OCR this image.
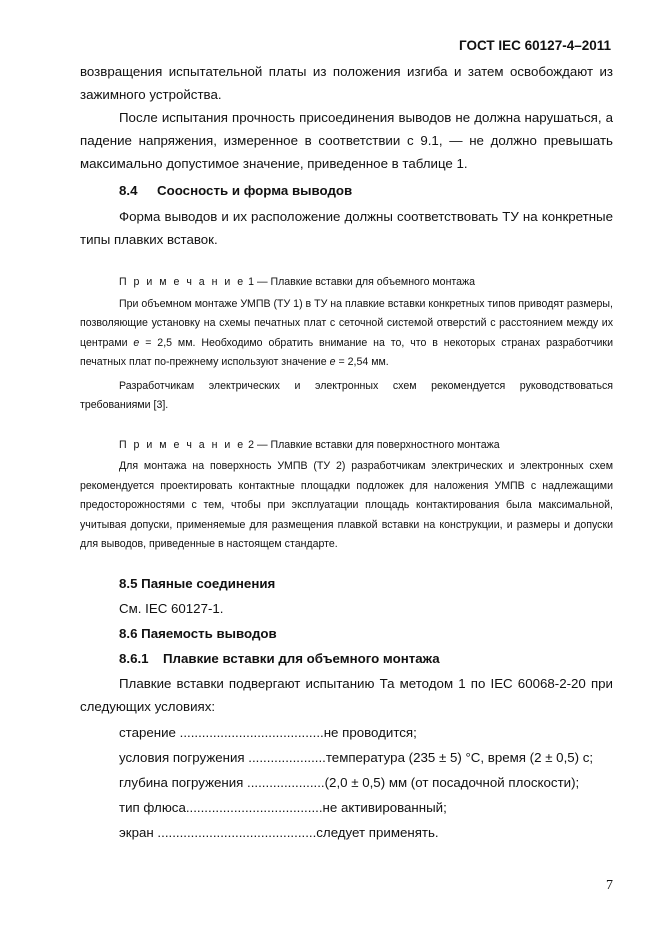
ГОСТ IEC 60127-4–2011

возвращения испытательной платы из положения изгиба и затем освобождают из зажимного устройства.

После испытания прочность присоединения выводов не должна нарушаться, а падение напряжения, измеренное в соответствии с 9.1, — не должно превышать максимально допустимое значение, приведенное в таблице 1.

8.4 Соосность и форма выводов

Форма выводов и их расположение должны соответствовать ТУ на конкретные типы плавких вставок.

П р и м е ч а н и е 1 — Плавкие вставки для объемного монтажа

При объемном монтаже УМПВ (ТУ 1) в ТУ на плавкие вставки конкретных типов приводят размеры, позволяющие установку на схемы печатных плат с сеточной системой отверстий с расстоянием между их центрами e = 2,5 мм. Необходимо обратить внимание на то, что в некоторых странах разработчики печатных плат по-прежнему используют значение e = 2,54 мм.

Разработчикам электрических и электронных схем рекомендуется руководствоваться требованиями [3].

П р и м е ч а н и е 2 — Плавкие вставки для поверхностного монтажа

Для монтажа на поверхность УМПВ (ТУ 2) разработчикам электрических и электронных схем рекомендуется проектировать контактные площадки подложек для наложения УМПВ с надлежащими предосторожностями с тем, чтобы при эксплуатации площадь контактирования была максимальной, учитывая допуски, применяемые для размещения плавкой вставки на конструкции, и размеры и допуски для выводов, приведенные в настоящем стандарте.

8.5 Паяные соединения

См. IEC 60127-1.

8.6 Паяемость выводов

8.6.1 Плавкие вставки для объемного монтажа

Плавкие вставки подвергают испытанию Та методом 1 по IEC 60068-2-20 при следующих условиях:

старение .......................................не проводится;

условия погружения .....................температура (235 ± 5) °C, время (2 ± 0,5) с;

глубина погружения .....................(2,0 ± 0,5) мм (от посадочной плоскости);

тип флюса.....................................не активированный;

экран ...........................................следует применять.

7
